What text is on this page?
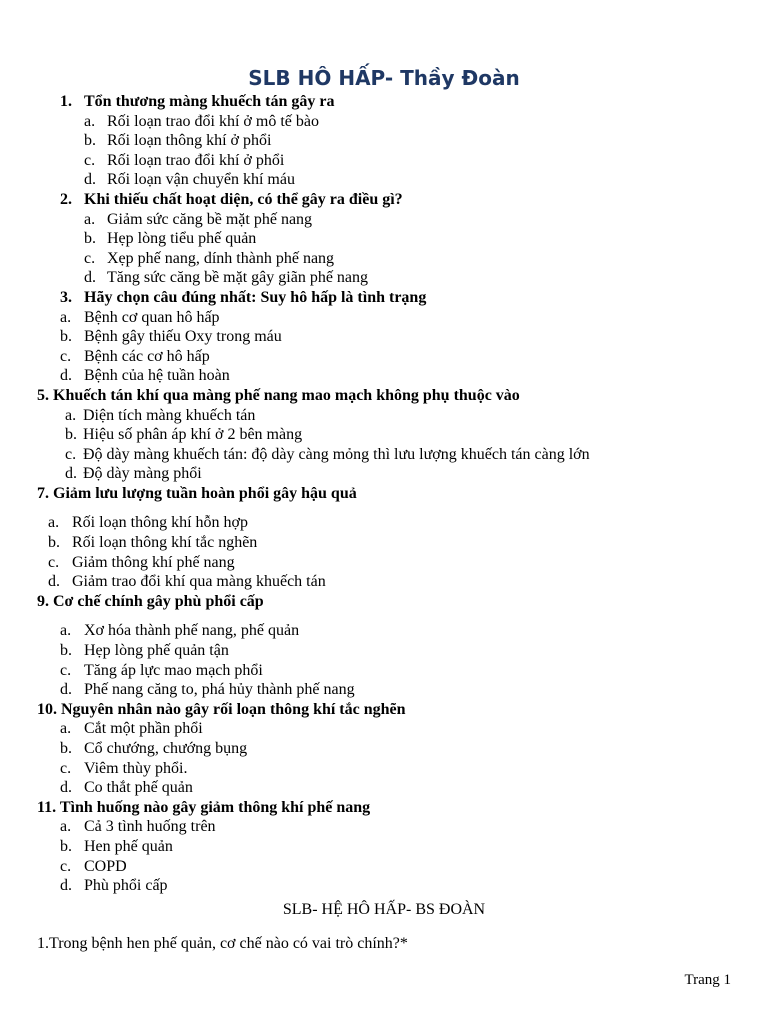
SLB HÔ HẤP- Thầy Đoàn
1. Tổn thương màng khuếch tán gây ra
a. Rối loạn trao đổi khí ở mô tế bào
b. Rối loạn thông khí ở phổi
c. Rối loạn trao đổi khí ở phổi
d. Rối loạn vận chuyển khí máu
2. Khi thiếu chất hoạt diện, có thể gây ra điều gì?
a. Giảm sức căng bề mặt phế nang
b. Hẹp lòng tiểu phế quản
c. Xẹp phế nang, dính thành phế nang
d. Tăng sức căng bề mặt gây giãn phế nang
3. Hãy chọn câu đúng nhất: Suy hô hấp là tình trạng
a. Bệnh cơ quan hô hấp
b. Bệnh gây thiếu Oxy trong máu
c. Bệnh các cơ hô hấp
d. Bệnh của hệ tuần hoàn
5. Khuếch tán khí qua màng phế nang mao mạch không phụ thuộc vào
a. Diện tích màng khuếch tán
b. Hiệu số phân áp khí ở 2 bên màng
c. Độ dày màng khuếch tán: độ dày càng mỏng thì lưu lượng khuếch tán càng lớn
d. Độ dày màng phổi
7. Giảm lưu lượng tuần hoàn phổi gây hậu quả
a. Rối loạn thông khí hỗn hợp
b. Rối loạn thông khí tắc nghẽn
c. Giảm thông khí phế nang
d. Giảm trao đổi khí qua màng khuếch tán
9. Cơ chế chính gây phù phổi cấp
a. Xơ hóa thành phế nang, phế quản
b. Hẹp lòng phế quản tận
c. Tăng áp lực mao mạch phổi
d. Phế nang căng to, phá hủy thành phế nang
10. Nguyên nhân nào gây rối loạn thông khí tắc nghẽn
a. Cắt một phần phổi
b. Cổ chướng, chướng bụng
c. Viêm thùy phổi.
d. Co thắt phế quản
11. Tình huống nào gây giảm thông khí phế nang
a. Cả 3 tình huống trên
b. Hen phế quản
c. COPD
d. Phù phổi cấp
SLB- HỆ HÔ HẤP- BS ĐOÀN
1.Trong bệnh hen phế quản, cơ chế nào có vai trò chính?*
Trang 1
